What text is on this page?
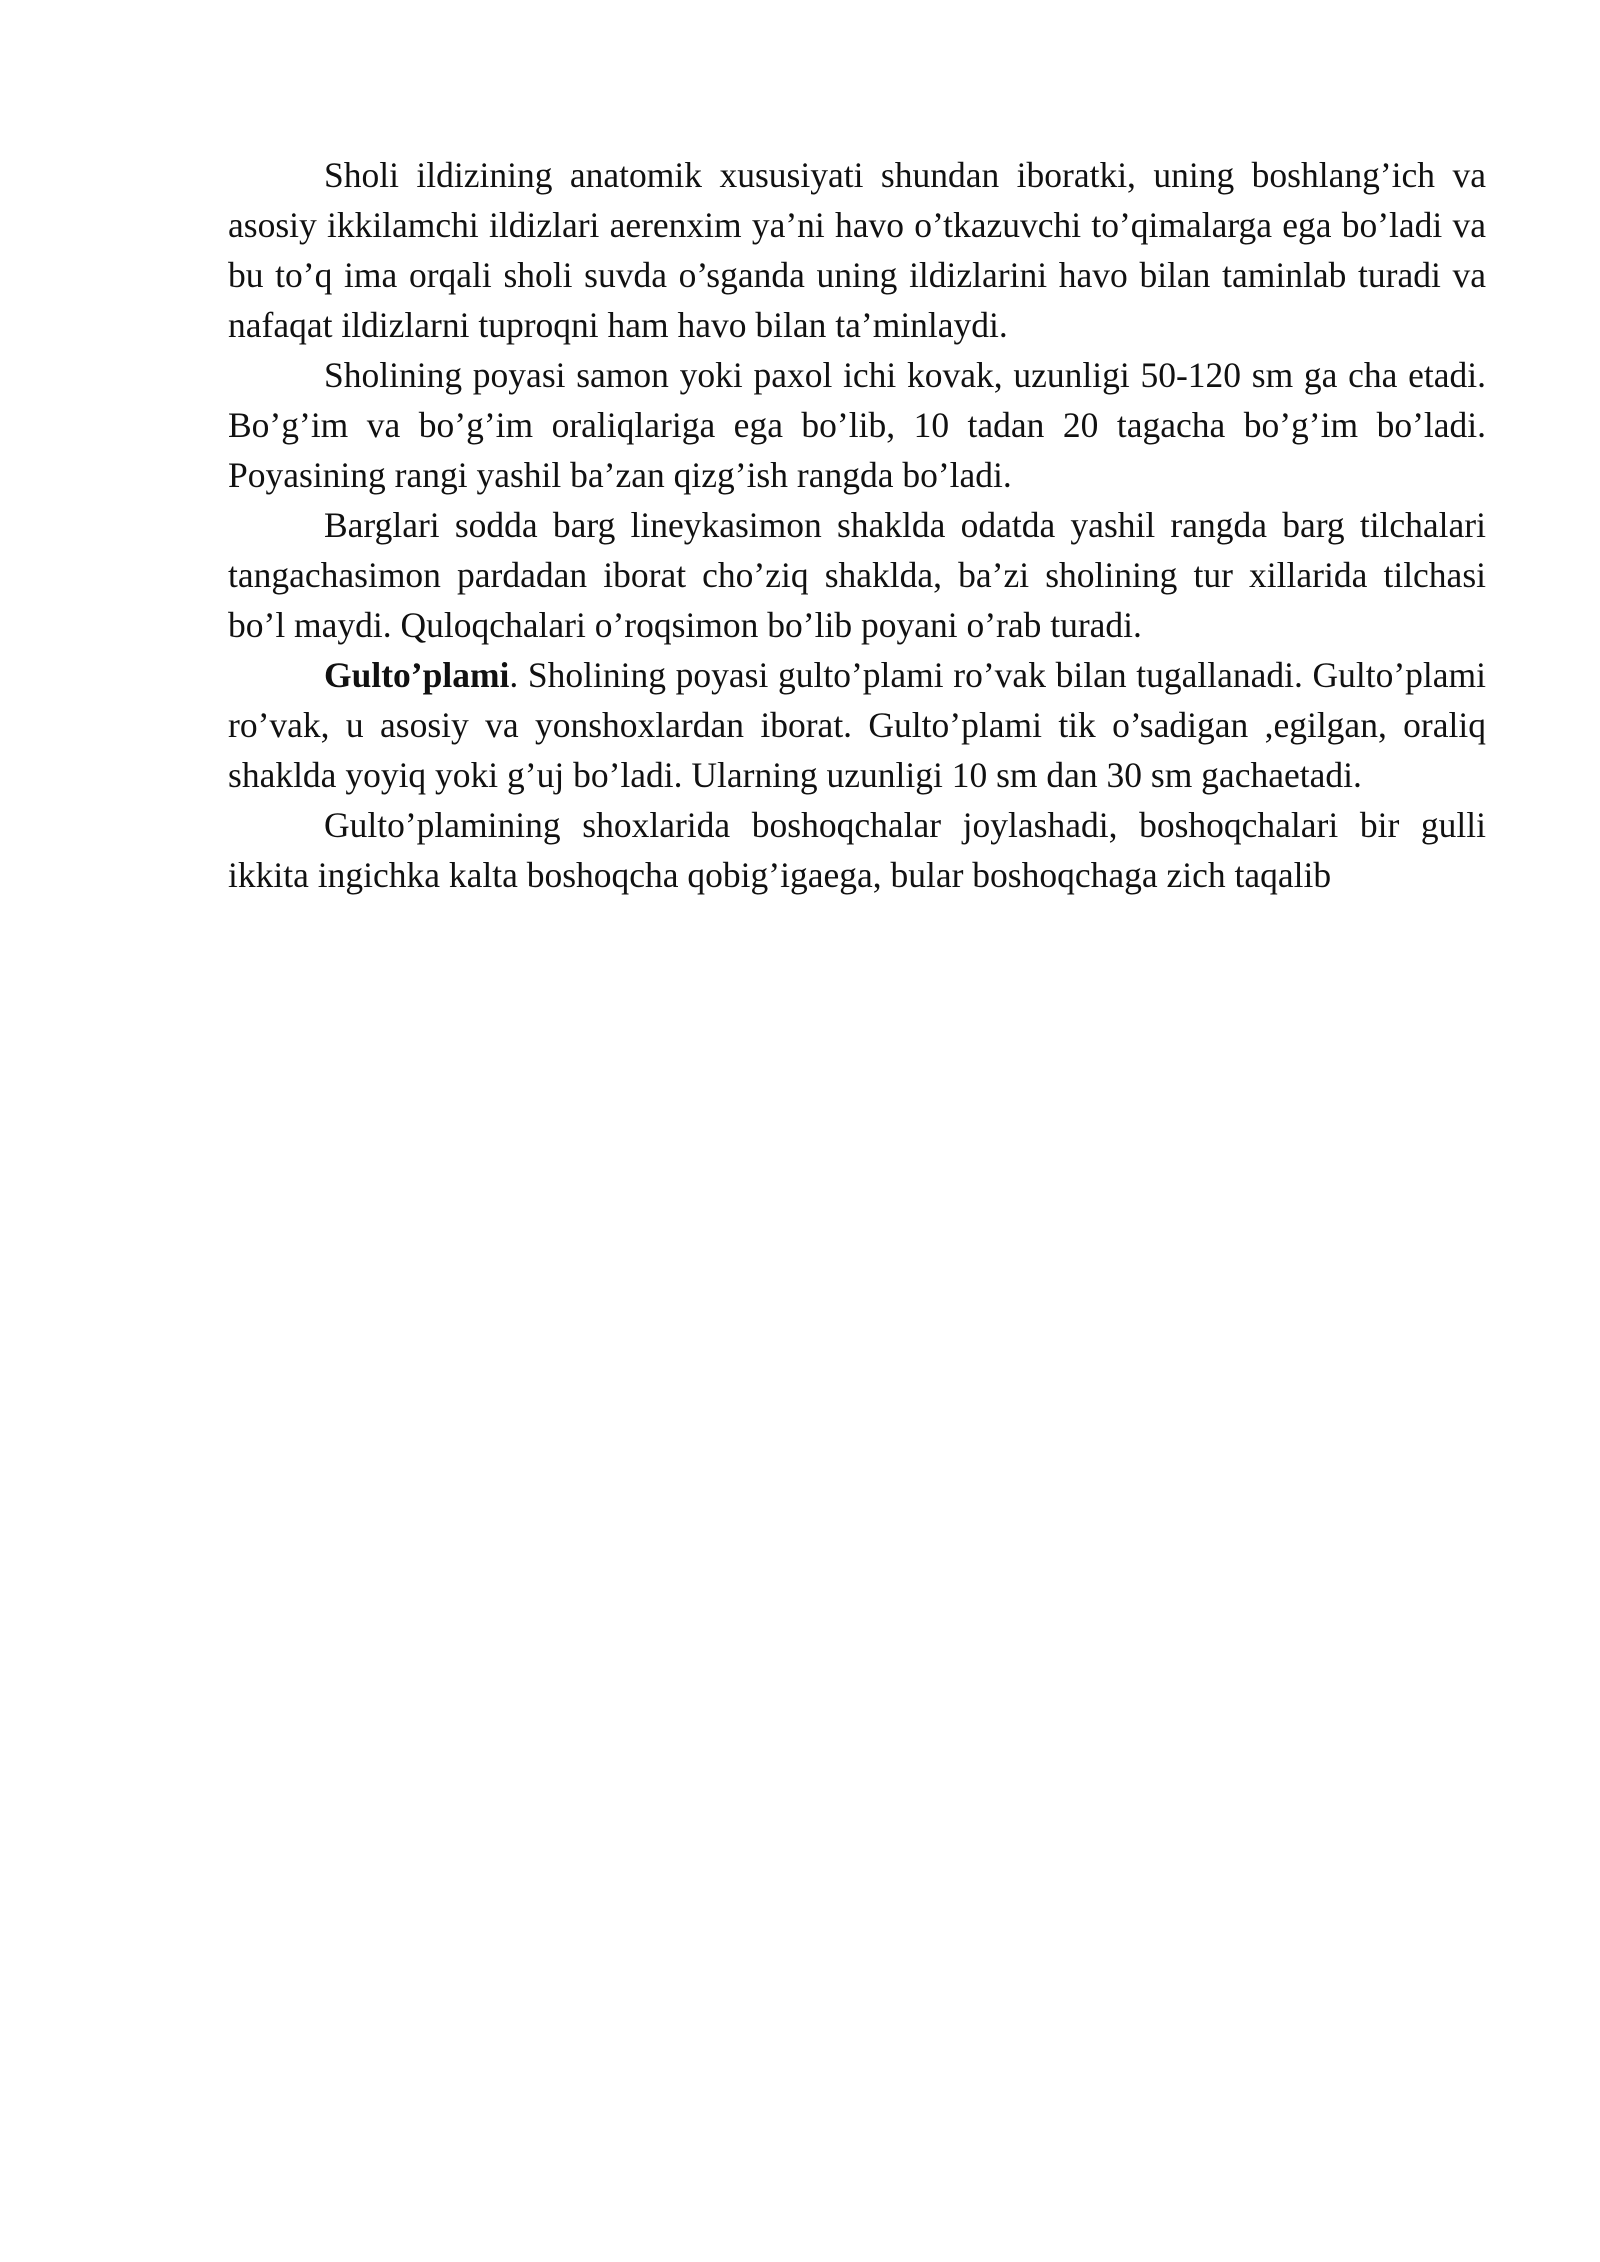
Sholi ildizining anatomik xususiyati shundan iboratki, uning boshlang’ich va asosiy ikkilamchi ildizlari aerenxim ya’ni havo o’tkazuvchi to’qimalarga ega bo’ladi va bu to’q ima orqali sholi suvda o’sganda uning ildizlarini havo bilan taminlab turadi va nafaqat ildizlarni tuproqni ham havo bilan ta’minlaydi.

Sholining poyasi samon yoki paxol ichi kovak, uzunligi 50-120 sm ga cha etadi. Bo’g’im va bo’g’im oraliqlariga ega bo’lib, 10 tadan 20 tagacha bo’g’im bo’ladi. Poyasining rangi yashil ba’zan qizg’ish rangda bo’ladi.

Barglari sodda barg lineykasimon shaklda odatda yashil rangda barg tilchalari tangachasimon pardadan iborat cho’ziq shaklda, ba’zi sholining tur xillarida tilchasi bo’l maydi. Quloqchalari o’roqsimon bo’lib poyani o’rab turadi.

Gulto’plami. Sholining poyasi gulto’plami ro’vak bilan tugallanadi. Gulto’plami ro’vak, u asosiy va yonshoxlardan iborat. Gulto’plami tik o’sadigan ,egilgan, oraliq shaklda yoyiq yoki g’uj bo’ladi. Ularning uzunligi 10 sm dan 30 sm gachaetadi.

Gulto’plamining shoxlarida boshoqchalar joylashadi, boshoqchalari bir gulli ikkita ingichka kalta boshoqcha qobig’igaega, bular boshoqchaga zich taqalib
